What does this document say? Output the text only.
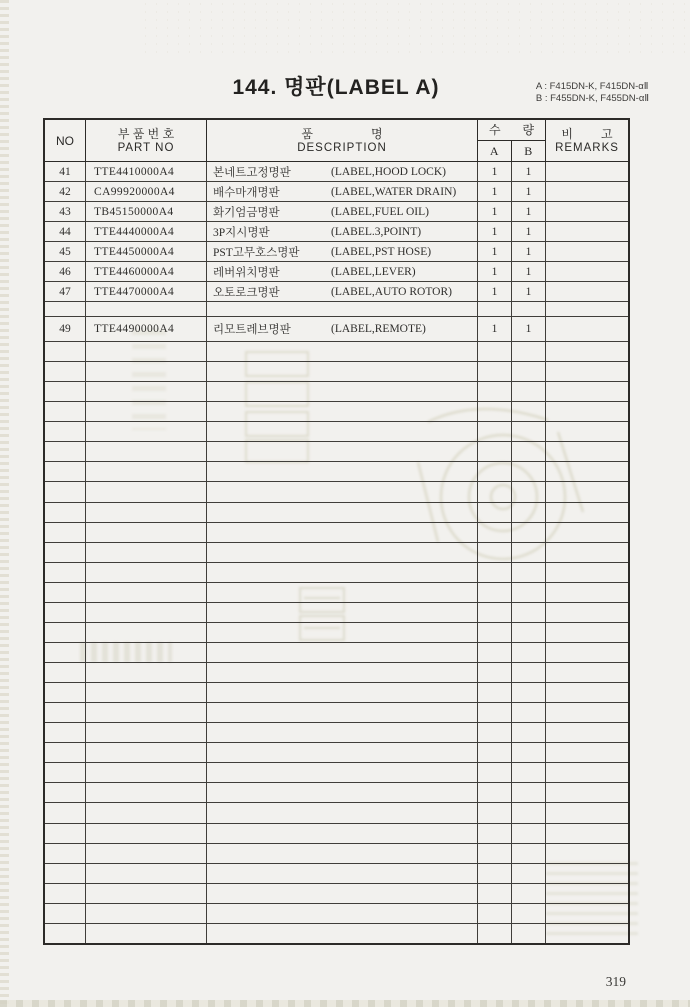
144. 명판(LABEL A)	A : F415DN-K, F415DN-αⅡ
B : F455DN-K, F455DN-αⅡ
NO	부 품 번 호
PART NO
품	명
DESCRIPTION
수	량
A	B
비 고
REMARKS
41	TTE4410000A4	본네트고정명판	(LABEL,HOOD LOCK)	1	1
42	CA99920000A4	배수마개명판	(LABEL,WATER DRAIN)	1	1
43	TB45150000A4	화기엄금명판	(LABEL,FUEL OIL)	1	1
44	TTE4440000A4	3P지시명판	(LABEL.3,POINT)	1	1
45	TTE4450000A4	PST고무호스명판	(LABEL,PST HOSE)	1	1
46	TTE4460000A4	레버위치명판	(LABEL,LEVER)	1	1
47	TTE4470000A4	오토로크명판	(LABEL,AUTO ROTOR)	1	1
49	TTE4490000A4	리모트레브명판	(LABEL,REMOTE)	1	1
319
